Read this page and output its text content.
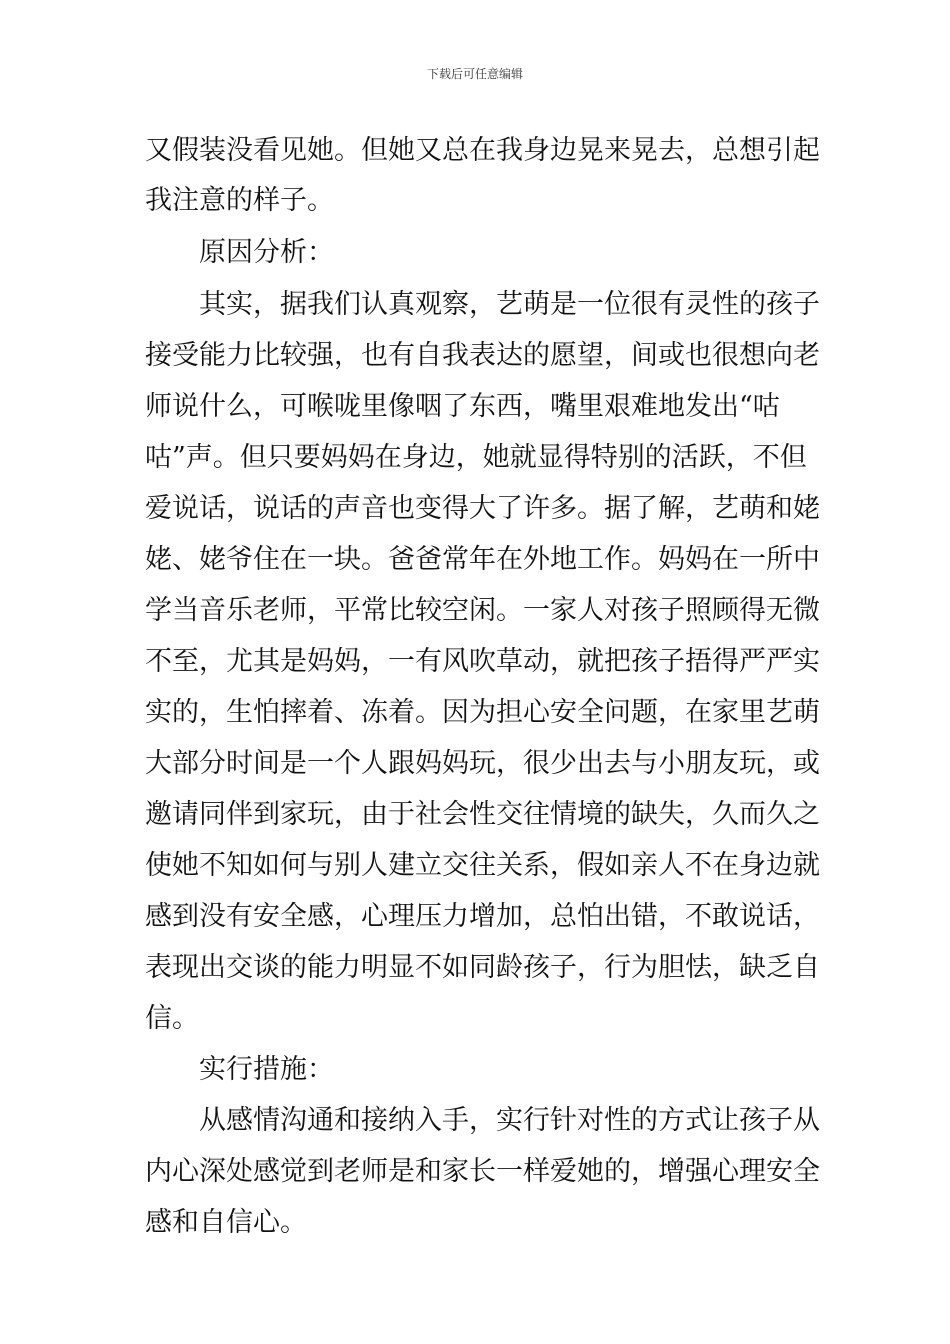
下载后可任意编辑
又假装没看见她。但她又总在我身边晃来晃去，总想引起
我注意的样子。
　　原因分析：
　　其实，据我们认真观察，艺萌是一位很有灵性的孩子
接受能力比较强，也有自我表达的愿望，间或也很想向老
师说什么，可喉咙里像咽了东西，嘴里艰难地发出“咕
咕”声。但只要妈妈在身边，她就显得特别的活跃，不但
爱说话，说话的声音也变得大了许多。据了解，艺萌和姥
姥、姥爷住在一块。爸爸常年在外地工作。妈妈在一所中
学当音乐老师，平常比较空闲。一家人对孩子照顾得无微
不至，尤其是妈妈，一有风吹草动，就把孩子捂得严严实
实的，生怕摔着、冻着。因为担心安全问题，在家里艺萌
大部分时间是一个人跟妈妈玩，很少出去与小朋友玩，或
邀请同伴到家玩，由于社会性交往情境的缺失，久而久之
使她不知如何与别人建立交往关系，假如亲人不在身边就
感到没有安全感，心理压力增加，总怕出错，不敢说话，
表现出交谈的能力明显不如同龄孩子，行为胆怯，缺乏自
信。
　　实行措施：
　　从感情沟通和接纳入手，实行针对性的方式让孩子从
内心深处感觉到老师是和家长一样爱她的，增强心理安全
感和自信心。
